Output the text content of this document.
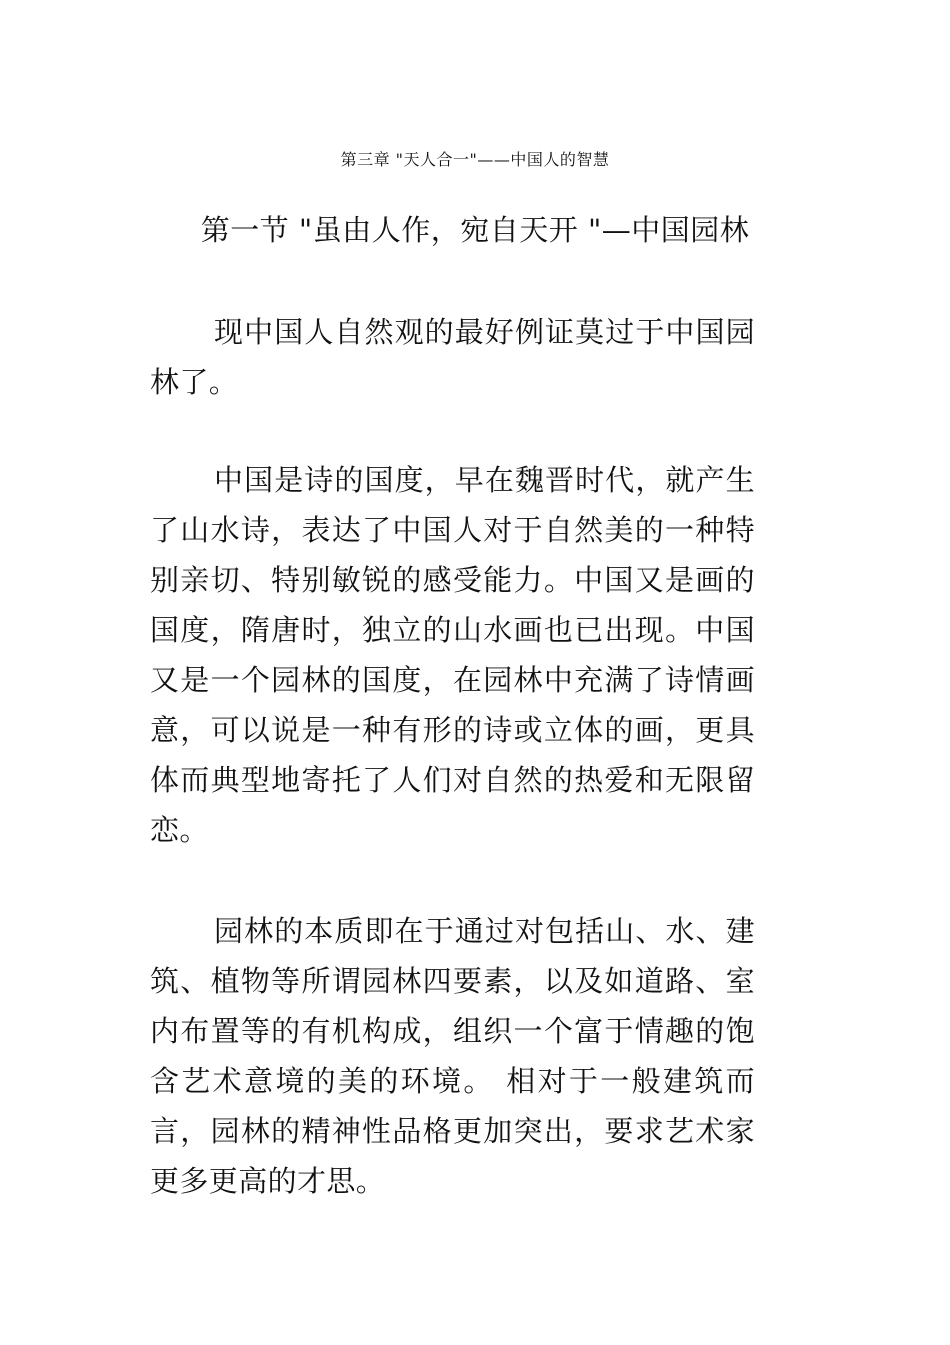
第三章 "天人合一"——中国人的智慧
第一节 "虽由人作，宛自天开 "—中国园林

现中国人自然观的最好例证莫过于中国园林了。

中国是诗的国度，早在魏晋时代，就产生了山水诗，表达了中国人对于自然美的一种特别亲切、特别敏锐的感受能力。中国又是画的国度，隋唐时，独立的山水画也已出现。中国又是一个园林的国度，在园林中充满了诗情画意，可以说是一种有形的诗或立体的画，更具体而典型地寄托了人们对自然的热爱和无限留恋。

园林的本质即在于通过对包括山、水、建筑、植物等所谓园林四要素，以及如道路、室内布置等的有机构成，组织一个富于情趣的饱含艺术意境的美的环境。 相对于一般建筑而言，园林的精神性品格更加突出，要求艺术家更多更高的才思。
